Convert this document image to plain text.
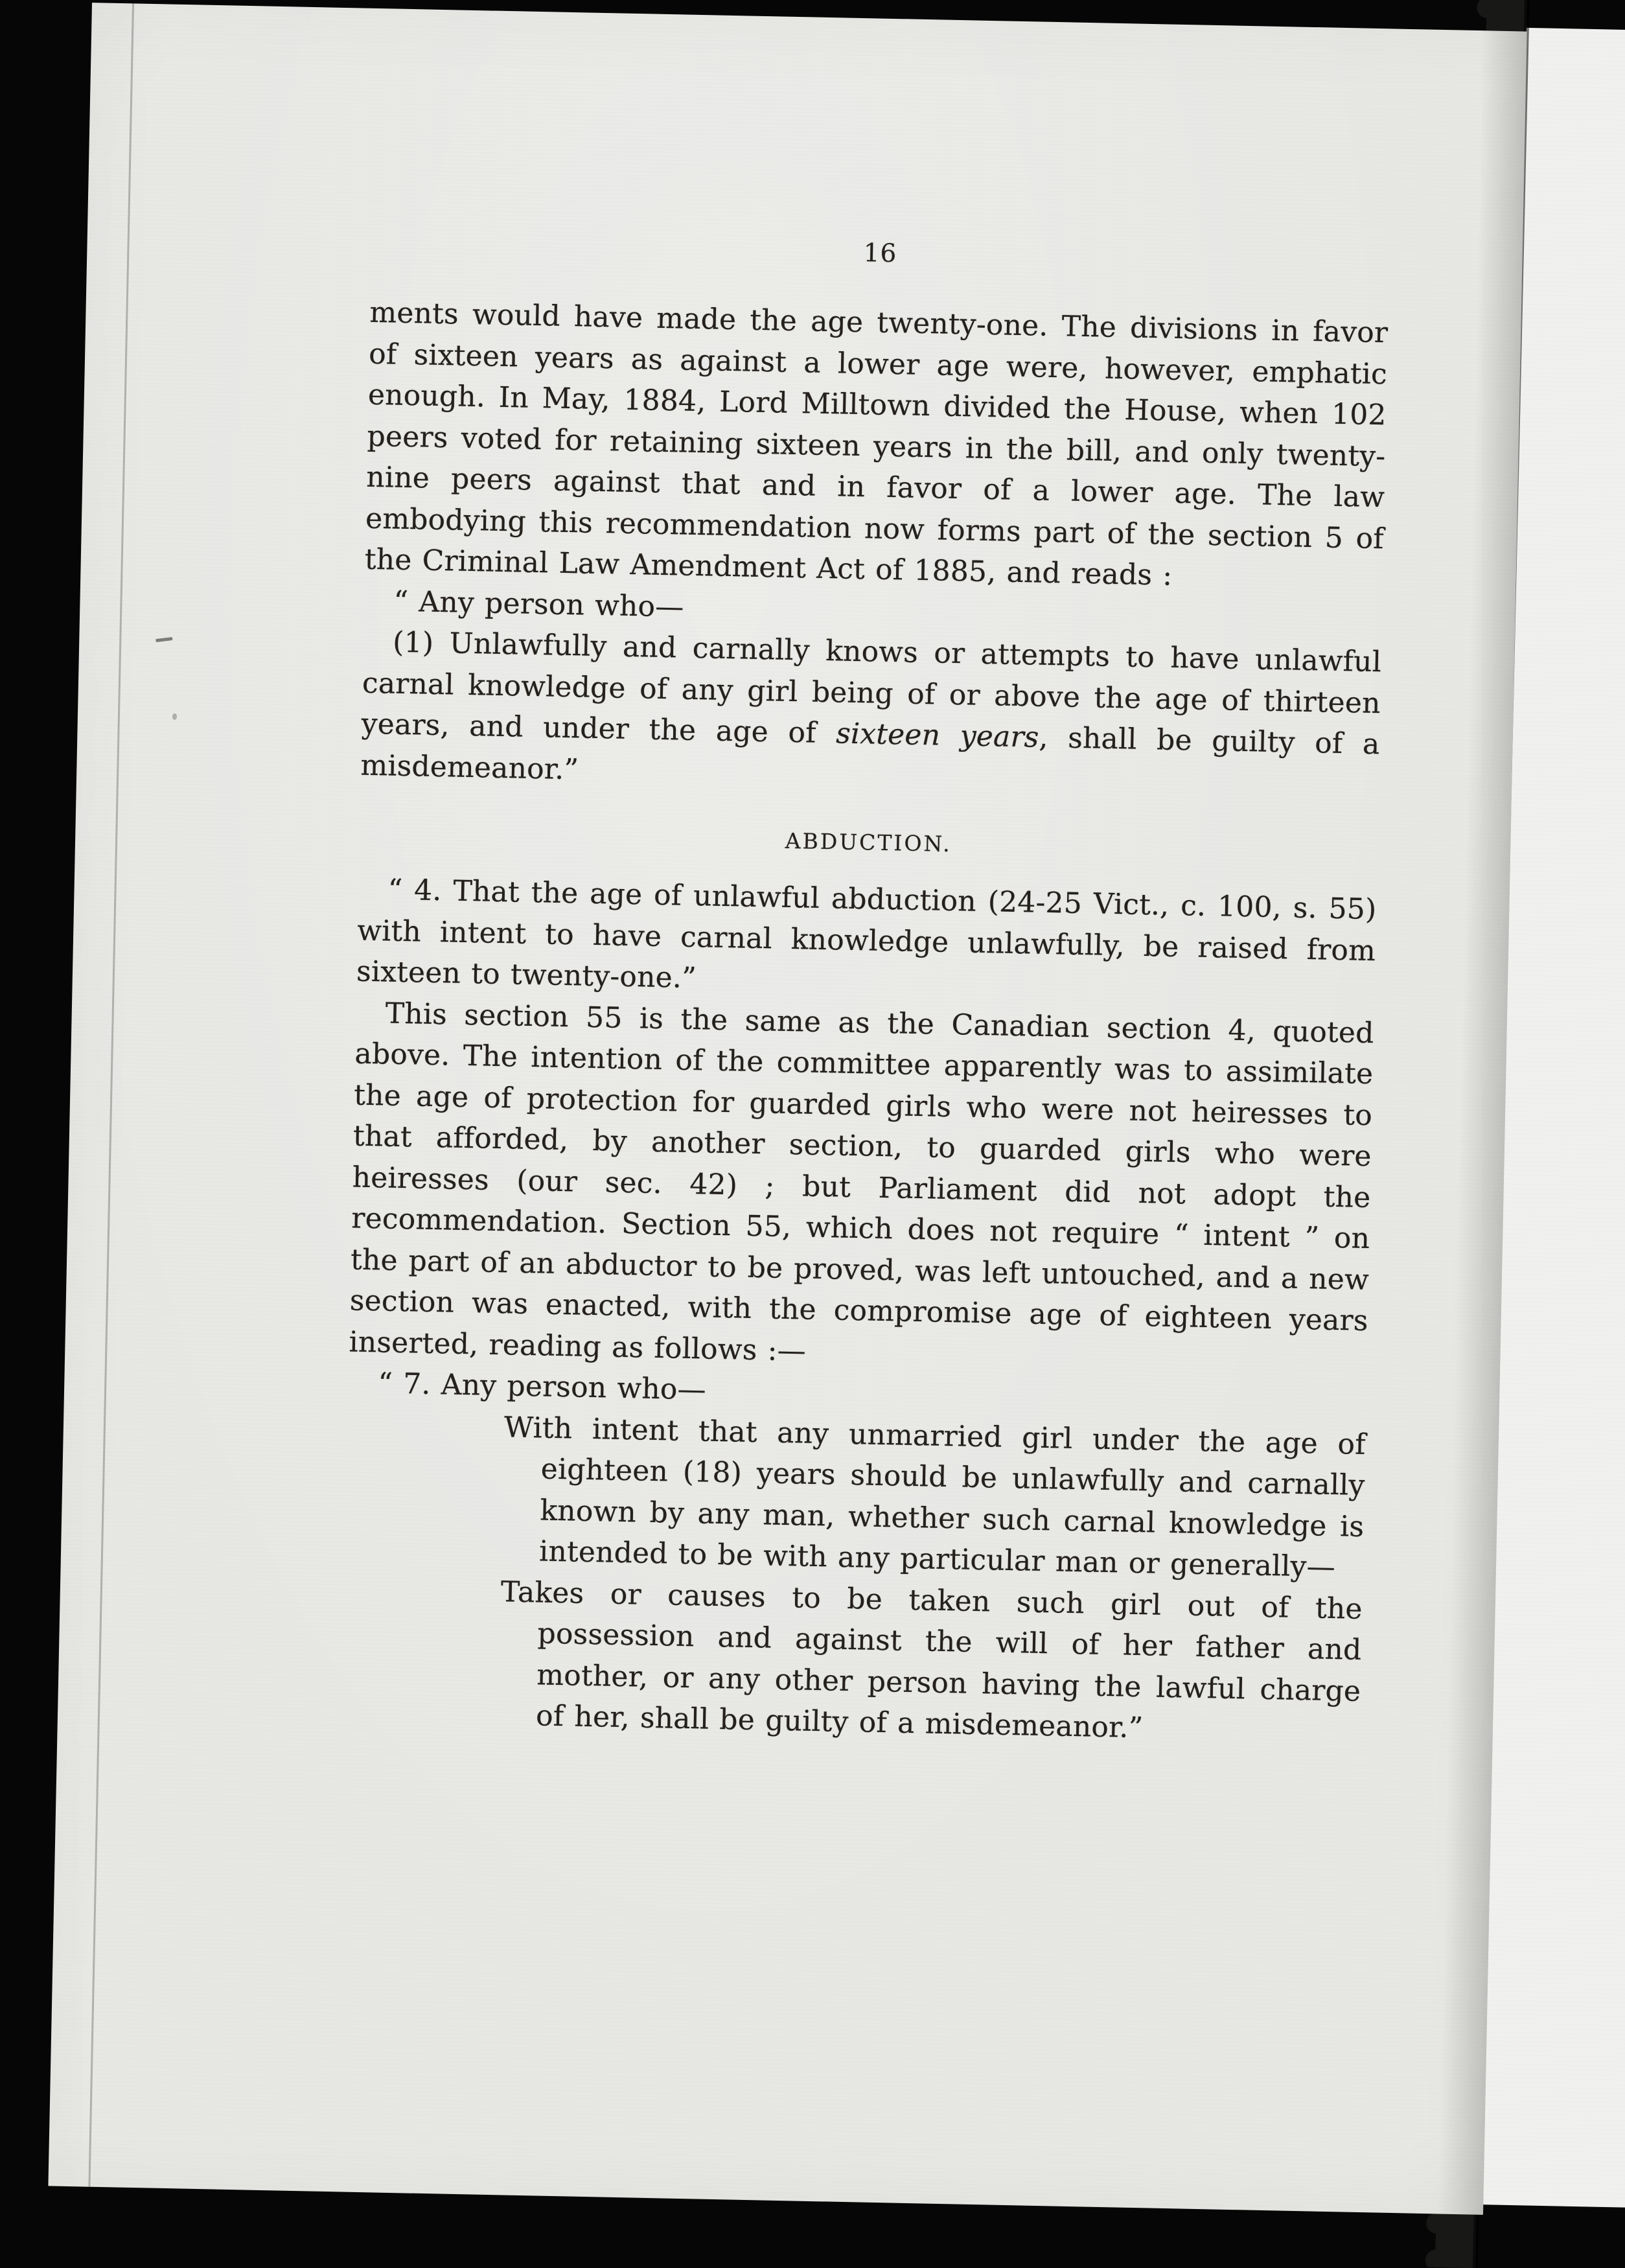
16

ments would have made the age twenty-one. The divisions in favor of sixteen years as against a lower age were, however, emphatic enough. In May, 1884, Lord Milltown divided the House, when 102 peers voted for retaining sixteen years in the bill, and only twenty-nine peers against that and in favor of a lower age. The law embodying this recommendation now forms part of the section 5 of the Criminal Law Amendment Act of 1885, and reads :

“ Any person who—

(1) Unlawfully and carnally knows or attempts to have unlawful carnal knowledge of any girl being of or above the age of thirteen years, and under the age of sixteen years, shall be guilty of a misdemeanor.”

ABDUCTION.

“ 4. That the age of unlawful abduction (24-25 Vict., c. 100, s. 55) with intent to have carnal knowledge unlawfully, be raised from sixteen to twenty-one.”

This section 55 is the same as the Canadian section 4, quoted above. The intention of the committee apparently was to assimilate the age of protection for guarded girls who were not heiresses to that afforded, by another section, to guarded girls who were heiresses (our sec. 42) ; but Parliament did not adopt the recommendation. Section 55, which does not require “ intent ” on the part of an abductor to be proved, was left untouched, and a new section was enacted, with the compromise age of eighteen years inserted, reading as follows :—

“ 7. Any person who—

With intent that any unmarried girl under the age of eighteen (18) years should be unlawfully and carnally known by any man, whether such carnal knowledge is intended to be with any particular man or generally—

Takes or causes to be taken such girl out of the possession and against the will of her father and mother, or any other person having the lawful charge of her, shall be guilty of a misdemeanor.”
